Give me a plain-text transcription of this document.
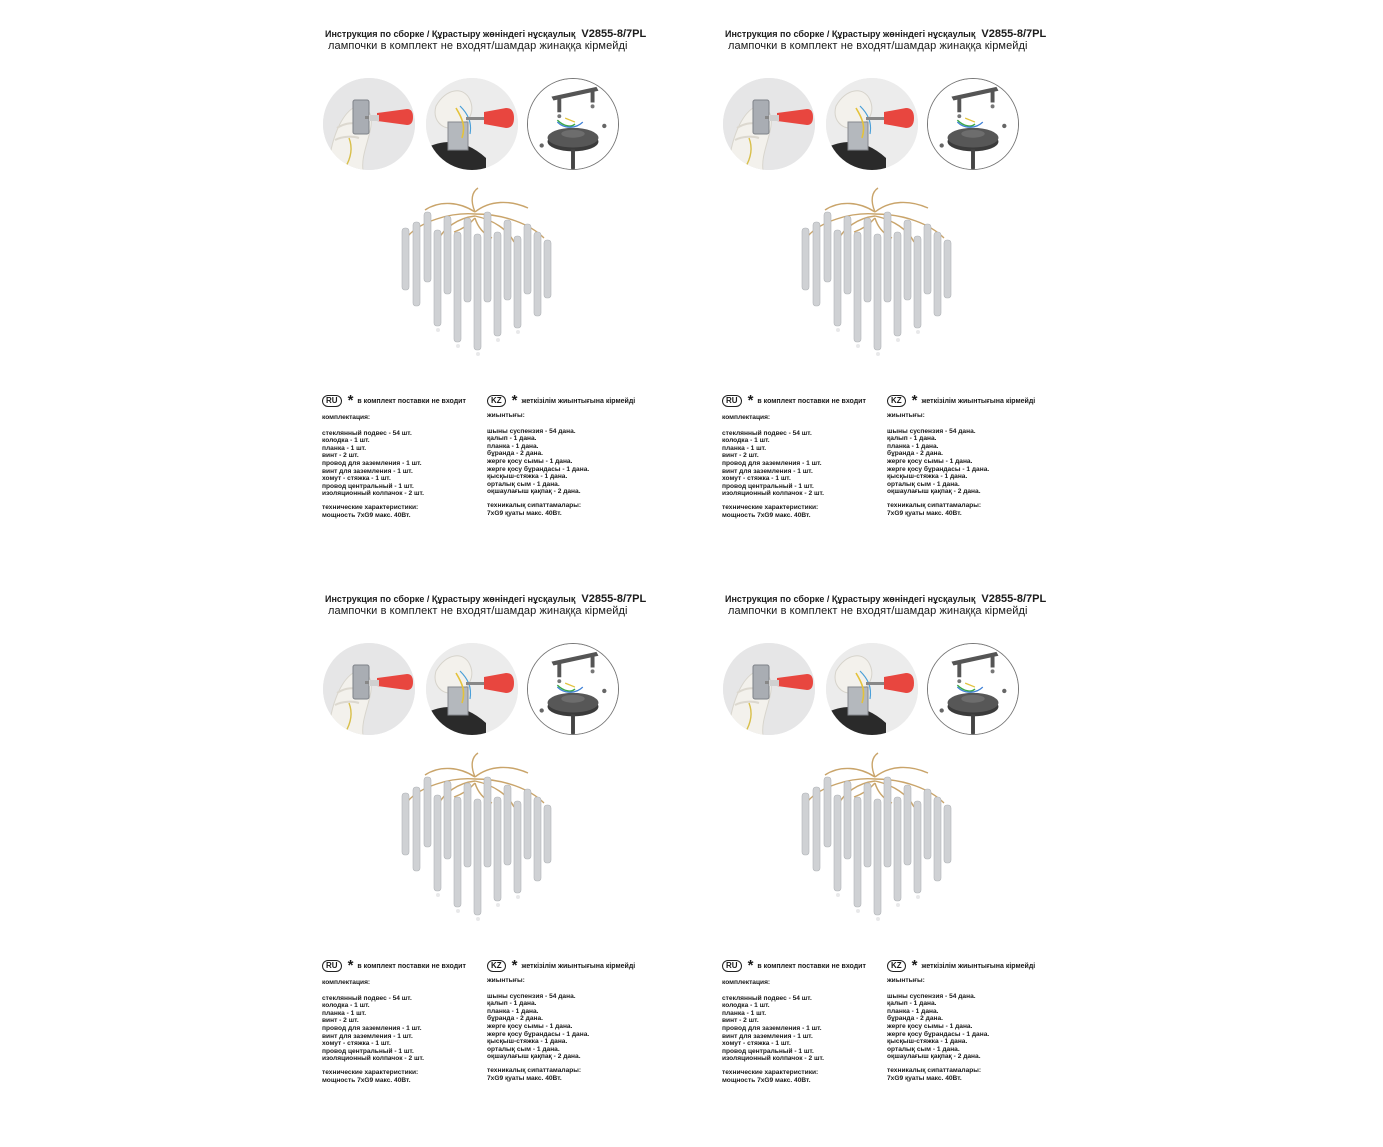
Инструкция по сборке / Құрастыру жөніндегі нұсқаулық V2855-8/7PL
лампочки в комплект не входят/шамдар жинаққа кірмейді
RU * в комплект поставки не входит	KZ * жеткізілім жиынтығына кірмейді
комплектация:
стеклянный подвес - 54 шт.
колодка - 1 шт.
планка - 1 шт.
винт - 2 шт.
провод для заземления - 1 шт.
винт для заземления - 1 шт.
хомут - стяжка - 1 шт.
провод центральный - 1 шт.
изоляционный колпачок - 2 шт.
технические характеристики:
мощность 7xG9 макс. 40Вт.
жиынтығы:
шыны суспензия - 54 дана.
қалып - 1 дана.
планка - 1 дана.
бұранда - 2 дана.
жерге қосу сымы - 1 дана.
жерге қосу бұрандасы - 1 дана.
қысқыш-стяжка - 1 дана.
орталық сым - 1 дана.
оқшаулағыш қақпақ - 2 дана.
техникалық сипаттамалары:
7xG9 қуаты макс. 40Вт.
Инструкция по сборке / Құрастыру жөніндегі нұсқаулық V2855-8/7PL
лампочки в комплект не входят/шамдар жинаққа кірмейді
RU * в комплект поставки не входит	KZ * жеткізілім жиынтығына кірмейді
комплектация:
стеклянный подвес - 54 шт.
колодка - 1 шт.
планка - 1 шт.
винт - 2 шт.
провод для заземления - 1 шт.
винт для заземления - 1 шт.
хомут - стяжка - 1 шт.
провод центральный - 1 шт.
изоляционный колпачок - 2 шт.
технические характеристики:
мощность 7xG9 макс. 40Вт.
жиынтығы:
шыны суспензия - 54 дана.
қалып - 1 дана.
планка - 1 дана.
бұранда - 2 дана.
жерге қосу сымы - 1 дана.
жерге қосу бұрандасы - 1 дана.
қысқыш-стяжка - 1 дана.
орталық сым - 1 дана.
оқшаулағыш қақпақ - 2 дана.
техникалық сипаттамалары:
7xG9 қуаты макс. 40Вт.
Инструкция по сборке / Құрастыру жөніндегі нұсқаулық V2855-8/7PL
лампочки в комплект не входят/шамдар жинаққа кірмейді
RU * в комплект поставки не входит	KZ * жеткізілім жиынтығына кірмейді
комплектация:
стеклянный подвес - 54 шт.
колодка - 1 шт.
планка - 1 шт.
винт - 2 шт.
провод для заземления - 1 шт.
винт для заземления - 1 шт.
хомут - стяжка - 1 шт.
провод центральный - 1 шт.
изоляционный колпачок - 2 шт.
технические характеристики:
мощность 7xG9 макс. 40Вт.
жиынтығы:
шыны суспензия - 54 дана.
қалып - 1 дана.
планка - 1 дана.
бұранда - 2 дана.
жерге қосу сымы - 1 дана.
жерге қосу бұрандасы - 1 дана.
қысқыш-стяжка - 1 дана.
орталық сым - 1 дана.
оқшаулағыш қақпақ - 2 дана.
техникалық сипаттамалары:
7xG9 қуаты макс. 40Вт.
Инструкция по сборке / Құрастыру жөніндегі нұсқаулық V2855-8/7PL
лампочки в комплект не входят/шамдар жинаққа кірмейді
RU * в комплект поставки не входит	KZ * жеткізілім жиынтығына кірмейді
комплектация:
стеклянный подвес - 54 шт.
колодка - 1 шт.
планка - 1 шт.
винт - 2 шт.
провод для заземления - 1 шт.
винт для заземления - 1 шт.
хомут - стяжка - 1 шт.
провод центральный - 1 шт.
изоляционный колпачок - 2 шт.
технические характеристики:
мощность 7xG9 макс. 40Вт.
жиынтығы:
шыны суспензия - 54 дана.
қалып - 1 дана.
планка - 1 дана.
бұранда - 2 дана.
жерге қосу сымы - 1 дана.
жерге қосу бұрандасы - 1 дана.
қысқыш-стяжка - 1 дана.
орталық сым - 1 дана.
оқшаулағыш қақпақ - 2 дана.
техникалық сипаттамалары:
7xG9 қуаты макс. 40Вт.
